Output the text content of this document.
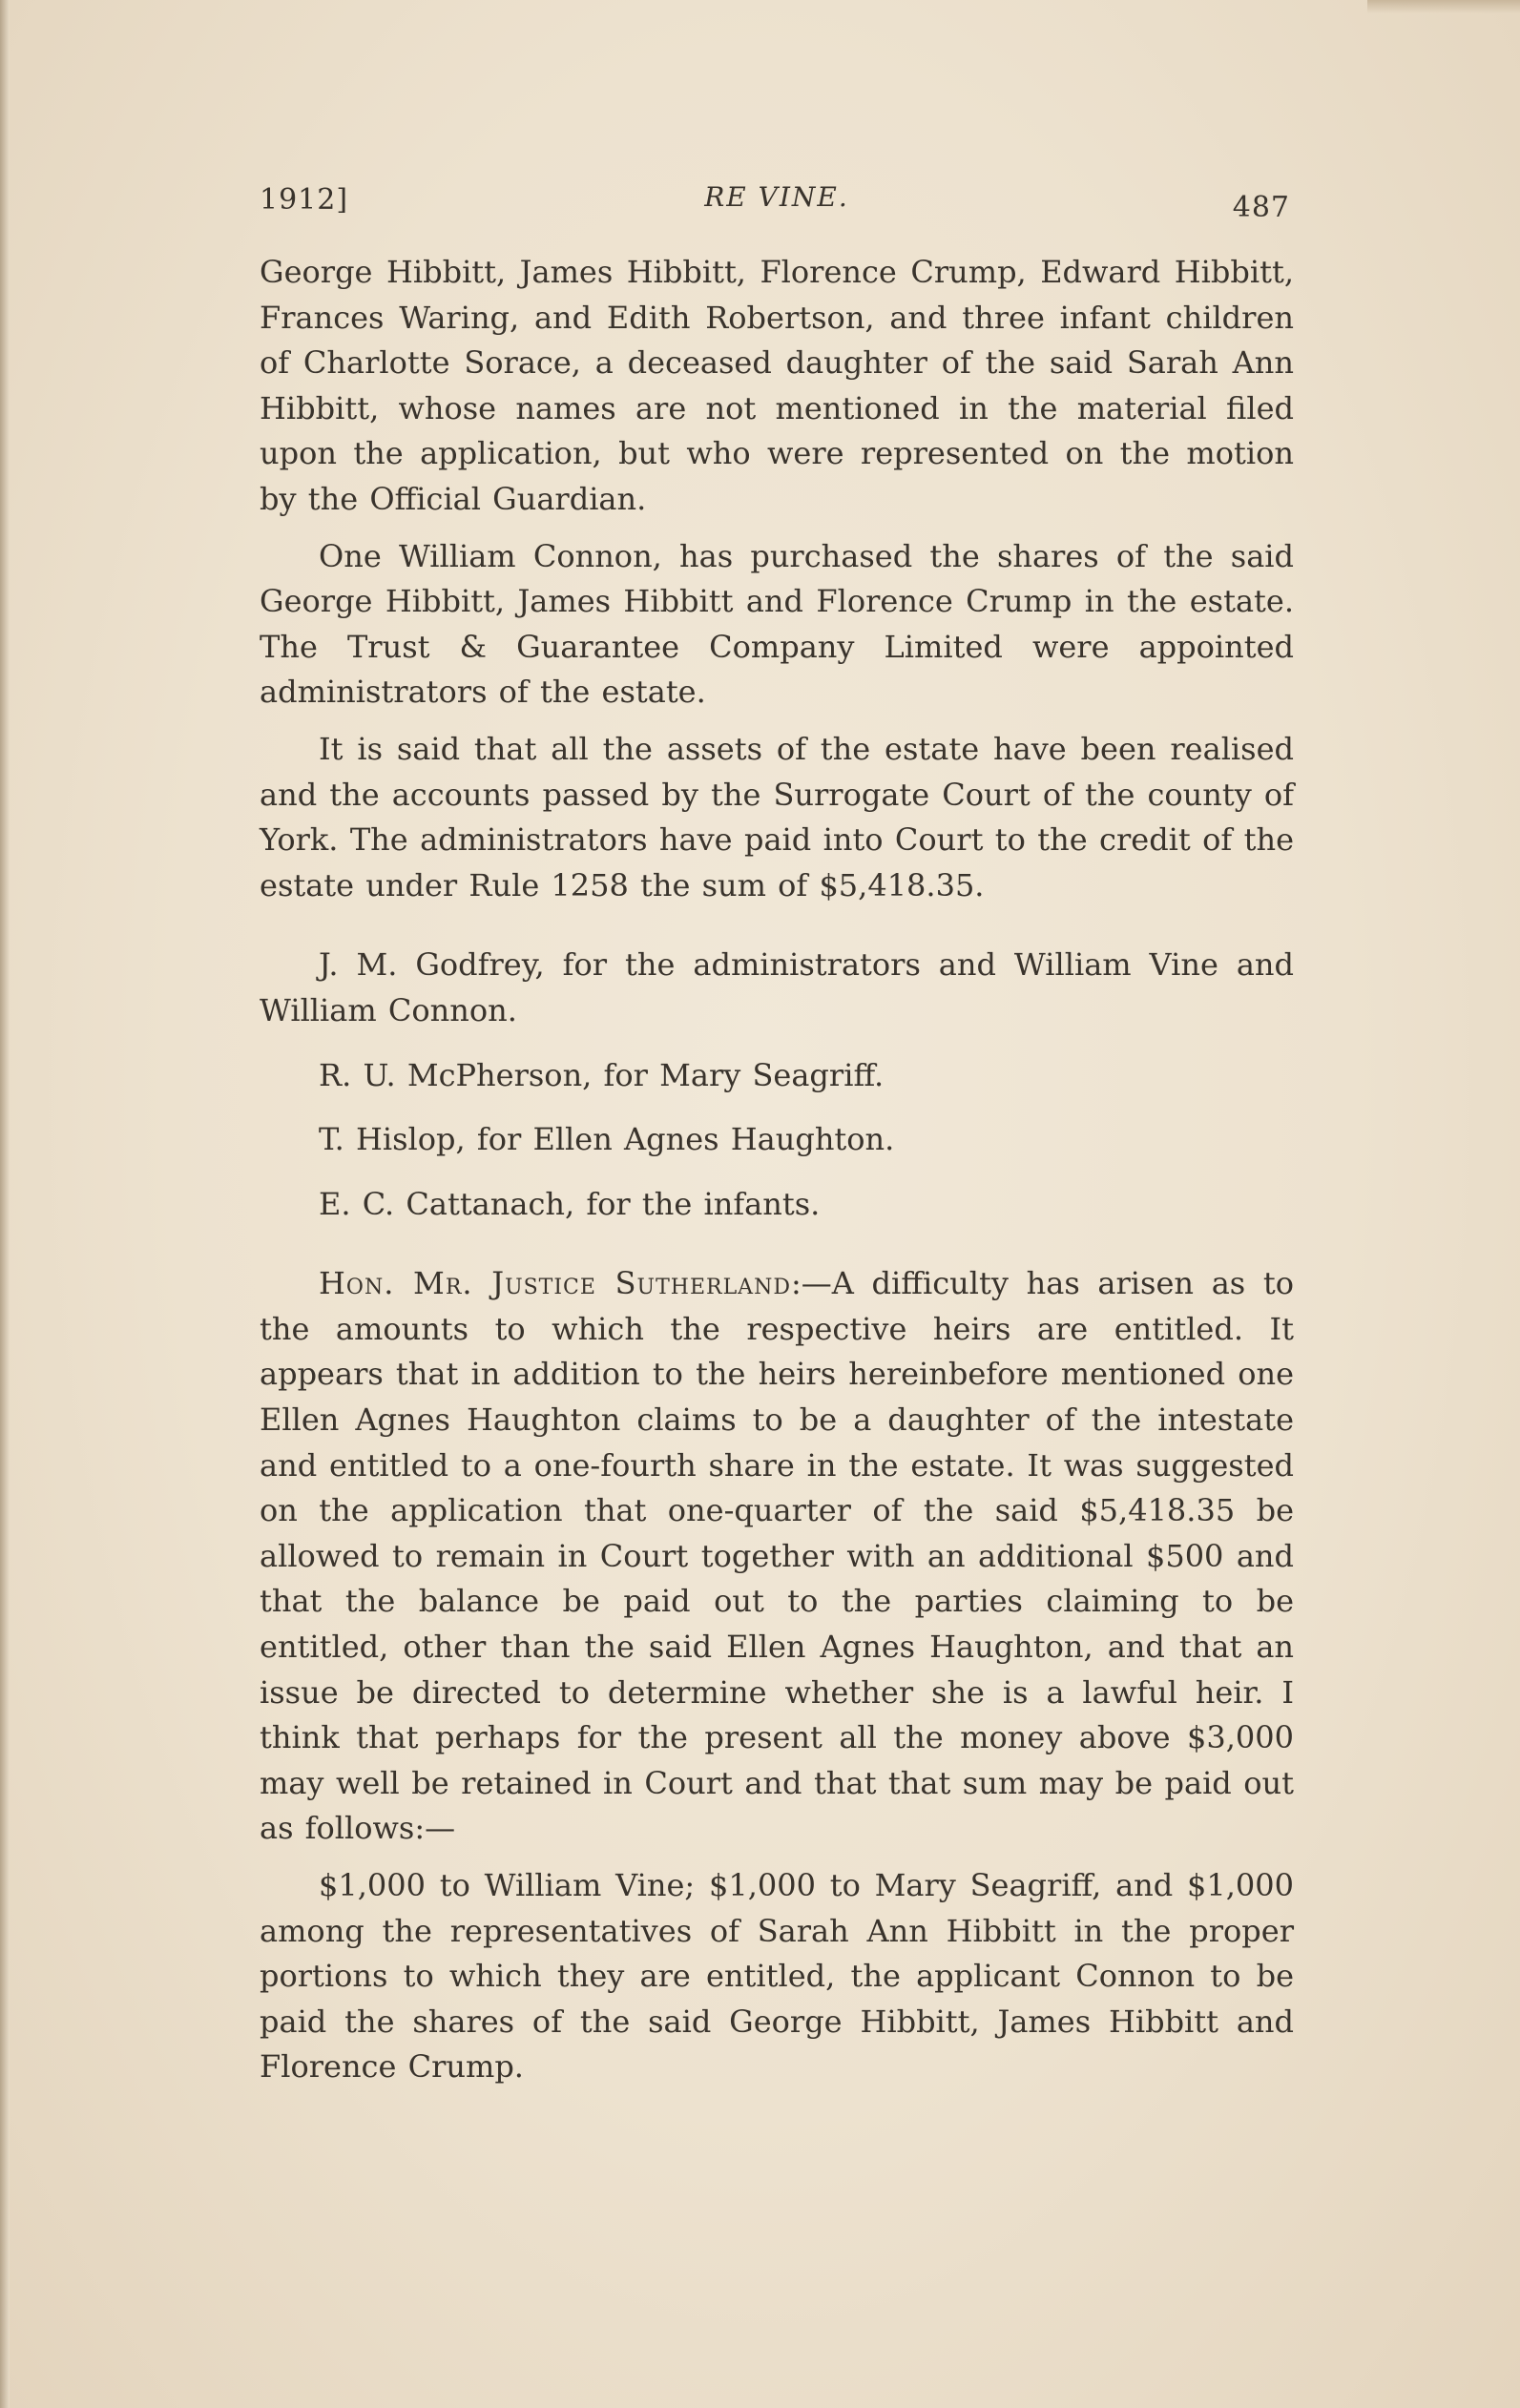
1912]	RE VINE.	487

George Hibbitt, James Hibbitt, Florence Crump, Edward Hibbitt, Frances Waring, and Edith Robertson, and three infant children of Charlotte Sorace, a deceased daughter of the said Sarah Ann Hibbitt, whose names are not mentioned in the material filed upon the application, but who were represented on the motion by the Official Guardian.

One William Connon, has purchased the shares of the said George Hibbitt, James Hibbitt and Florence Crump in the estate. The Trust & Guarantee Company Limited were appointed administrators of the estate.

It is said that all the assets of the estate have been realised and the accounts passed by the Surrogate Court of the county of York. The administrators have paid into Court to the credit of the estate under Rule 1258 the sum of $5,418.35.

J. M. Godfrey, for the administrators and William Vine and William Connon.

R. U. McPherson, for Mary Seagriff.

T. Hislop, for Ellen Agnes Haughton.

E. C. Cattanach, for the infants.

Hon. Mr. Justice Sutherland:—A difficulty has arisen as to the amounts to which the respective heirs are entitled. It appears that in addition to the heirs hereinbefore mentioned one Ellen Agnes Haughton claims to be a daughter of the intestate and entitled to a one-fourth share in the estate. It was suggested on the application that one-quarter of the said $5,418.35 be allowed to remain in Court together with an additional $500 and that the balance be paid out to the parties claiming to be entitled, other than the said Ellen Agnes Haughton, and that an issue be directed to determine whether she is a lawful heir. I think that perhaps for the present all the money above $3,000 may well be retained in Court and that that sum may be paid out as follows:—

$1,000 to William Vine; $1,000 to Mary Seagriff, and $1,000 among the representatives of Sarah Ann Hibbitt in the proper portions to which they are entitled, the applicant Connon to be paid the shares of the said George Hibbitt, James Hibbitt and Florence Crump.
